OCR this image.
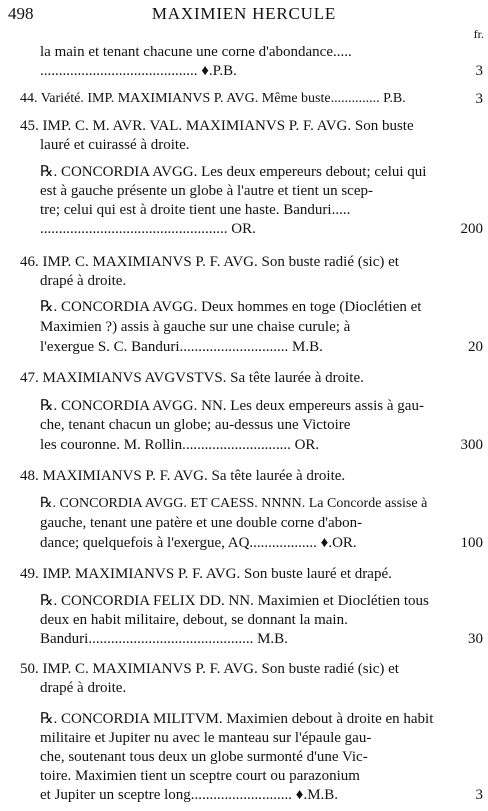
498	MAXIMIEN HERCULE
fr.
la main et tenant chacune une corne d'abondance.....
.......................................... ♦.P.B.	3
44. Variété. IMP. MAXIMIANVS P. AVG. Même buste.............. P.B.	3
45. IMP. C. M. AVR. VAL. MAXIMIANVS P. F. AVG. Son buste
lauré et cuirassé à droite.
℞. CONCORDIA AVGG. Les deux empereurs debout; celui qui
est à gauche présente un globe à l'autre et tient un scep-
tre; celui qui est à droite tient une haste. Banduri.....
.................................................. OR.	200
46. IMP. C. MAXIMIANVS P. F. AVG. Son buste radié (sic) et
drapé à droite.
℞. CONCORDIA AVGG. Deux hommes en toge (Dioclétien et
Maximien ?) assis à gauche sur une chaise curule; à
l'exergue S. C. Banduri............................. M.B.	20
47. MAXIMIANVS AVGVSTVS. Sa tête laurée à droite.
℞. CONCORDIA AVGG. NN. Les deux empereurs assis à gau-
che, tenant chacun un globe; au-dessus une Victoire
les couronne. M. Rollin............................. OR.	300
48. MAXIMIANVS P. F. AVG. Sa tête laurée à droite.
℞. CONCORDIA AVGG. ET CAESS. NNNN. La Concorde assise à
gauche, tenant une patère et une double corne d'abon-
dance; quelquefois à l'exergue, AQ.................. ♦.OR.	100
49. IMP. MAXIMIANVS P. F. AVG. Son buste lauré et drapé.
℞. CONCORDIA FELIX DD. NN. Maximien et Dioclétien tous
deux en habit militaire, debout, se donnant la main.
Banduri............................................ M.B.	30
50. IMP. C. MAXIMIANVS P. F. AVG. Son buste radié (sic) et
drapé à droite.
℞. CONCORDIA MILITVM. Maximien debout à droite en habit
militaire et Jupiter nu avec le manteau sur l'épaule gau-
che, soutenant tous deux un globe surmonté d'une Vic-
toire. Maximien tient un sceptre court ou parazonium
et Jupiter un sceptre long........................... ♦.M.B.	3
